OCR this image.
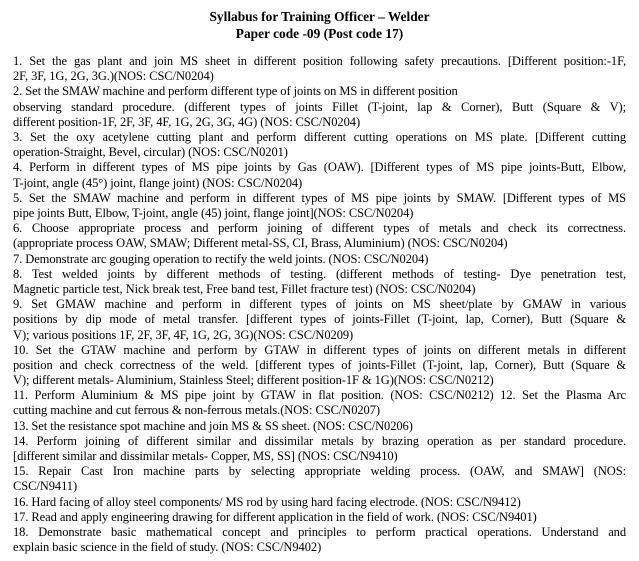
Syllabus for Training Officer – Welder
Paper code -09 (Post code 17)
1. Set the gas plant and join MS sheet in different position following safety precautions. [Different position:-1F,
2F, 3F, 1G, 2G, 3G.)(NOS: CSC/N0204)
2. Set the SMAW machine and perform different type of joints on MS in different position
observing standard procedure. (different types of joints Fillet (T-joint, lap & Corner), Butt (Square & V);
different position-1F, 2F, 3F, 4F, 1G, 2G, 3G, 4G) (NOS: CSC/N0204)
3. Set the oxy acetylene cutting plant and perform different cutting operations on MS plate. [Different cutting
operation-Straight, Bevel, circular) (NOS: CSC/N0201)
4. Perform in different types of MS pipe joints by Gas (OAW). [Different types of MS pipe joints-Butt, Elbow,
T-joint, angle (45°) joint, flange joint) (NOS: CSC/N0204)
5. Set the SMAW machine and perform in different types of MS pipe joints by SMAW. [Different types of MS
pipe joints Butt, Elbow, T-joint, angle (45) joint, flange joint](NOS: CSC/N0204)
6. Choose appropriate process and perform joining of different types of metals and check its correctness.
(appropriate process OAW, SMAW; Different metal-SS, CI, Brass, Aluminium) (NOS: CSC/N0204)
7. Demonstrate arc gouging operation to rectify the weld joints. (NOS: CSC/N0204)
8. Test welded joints by different methods of testing. (different methods of testing- Dye penetration test,
Magnetic particle test, Nick break test, Free band test, Fillet fracture test) (NOS: CSC/N0204)
9. Set GMAW machine and perform in different types of joints on MS sheet/plate by GMAW in various
positions by dip mode of metal transfer. [different types of joints-Fillet (T-joint, lap, Corner), Butt (Square &
V); various positions 1F, 2F, 3F, 4F, 1G, 2G, 3G)(NOS: CSC/N0209)
10. Set the GTAW machine and perform by GTAW in different types of joints on different metals in different
position and check correctness of the weld. [different types of joints-Fillet (T-joint, lap, Corner), Butt (Square &
V); different metals- Aluminium, Stainless Steel; different position-1F & 1G)(NOS: CSC/N0212)
11. Perform Aluminium & MS pipe joint by GTAW in flat position. (NOS: CSC/N0212) 12. Set the Plasma Arc
cutting machine and cut ferrous & non-ferrous metals.(NOS: CSC/N0207)
13. Set the resistance spot machine and join MS & SS sheet. (NOS: CSC/N0206)
14. Perform joining of different similar and dissimilar metals by brazing operation as per standard procedure.
[different similar and dissimilar metals- Copper, MS, SS] (NOS: CSC/N9410)
15. Repair Cast Iron machine parts by selecting appropriate welding process. (OAW, and SMAW] (NOS:
CSC/N9411)
16. Hard facing of alloy steel components/ MS rod by using hard facing electrode. (NOS: CSC/N9412)
17. Read and apply engineering drawing for different application in the field of work. (NOS: CSC/N9401)
18. Demonstrate basic mathematical concept and principles to perform practical operations. Understand and
explain basic science in the field of study. (NOS: CSC/N9402)
